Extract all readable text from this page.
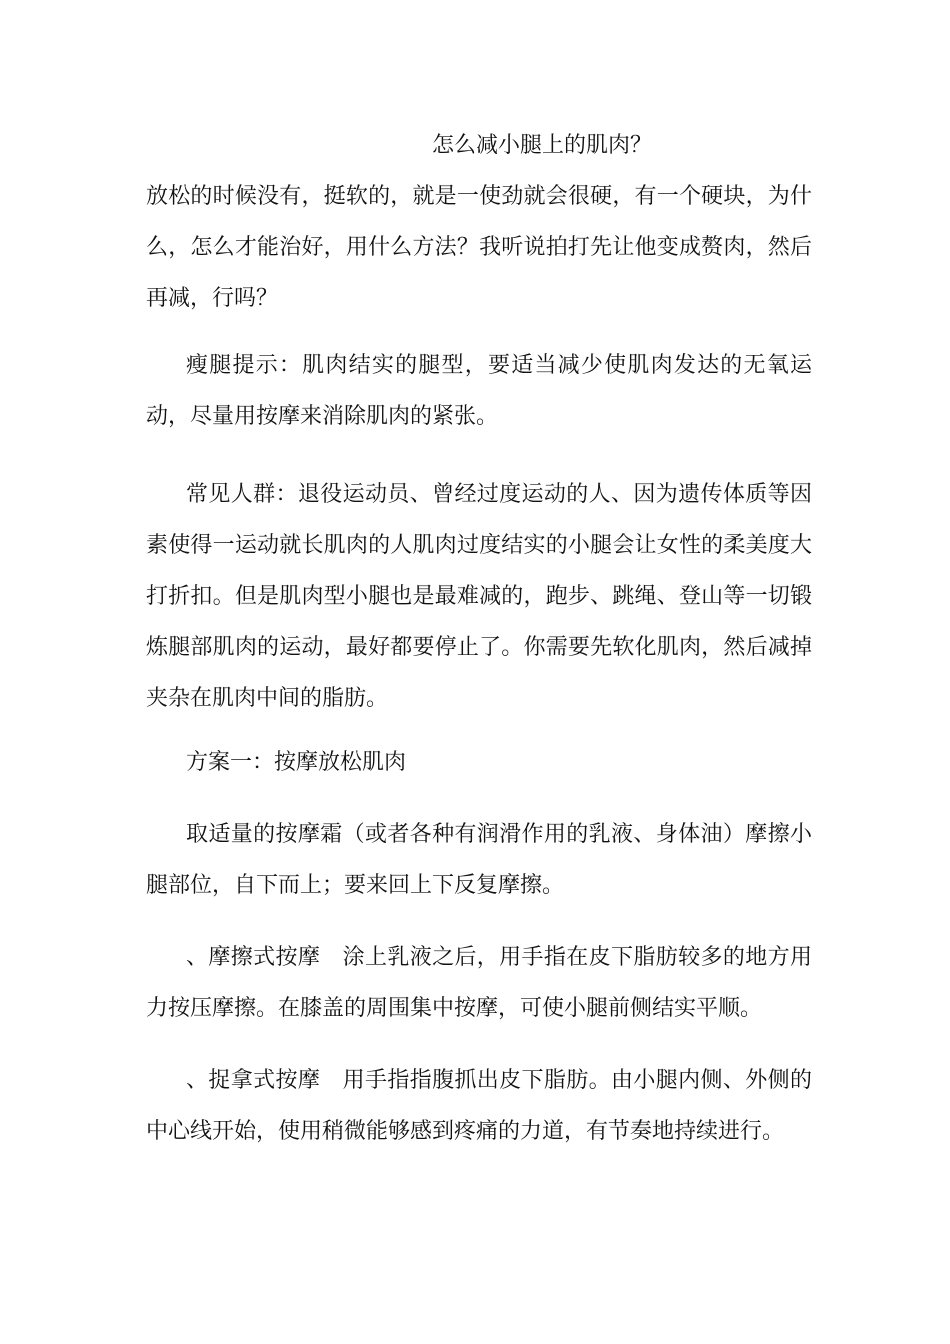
怎么减小腿上的肌肉？

放松的时候没有，挺软的，就是一使劲就会很硬，有一个硬块，为什么，怎么才能治好，用什么方法？我听说拍打先让他变成赘肉，然后再减，行吗？

瘦腿提示：肌肉结实的腿型，要适当减少使肌肉发达的无氧运动，尽量用按摩来消除肌肉的紧张。

常见人群：退役运动员、曾经过度运动的人、因为遗传体质等因素使得一运动就长肌肉的人肌肉过度结实的小腿会让女性的柔美度大打折扣。但是肌肉型小腿也是最难减的，跑步、跳绳、登山等一切锻炼腿部肌肉的运动，最好都要停止了。你需要先软化肌肉，然后减掉夹杂在肌肉中间的脂肪。

方案一：按摩放松肌肉

取适量的按摩霜（或者各种有润滑作用的乳液、身体油）摩擦小腿部位，自下而上；要来回上下反复摩擦。

、摩擦式按摩　涂上乳液之后，用手指在皮下脂肪较多的地方用力按压摩擦。在膝盖的周围集中按摩，可使小腿前侧结实平顺。

、捉拿式按摩　用手指指腹抓出皮下脂肪。由小腿内侧、外侧的中心线开始，使用稍微能够感到疼痛的力道，有节奏地持续进行。
